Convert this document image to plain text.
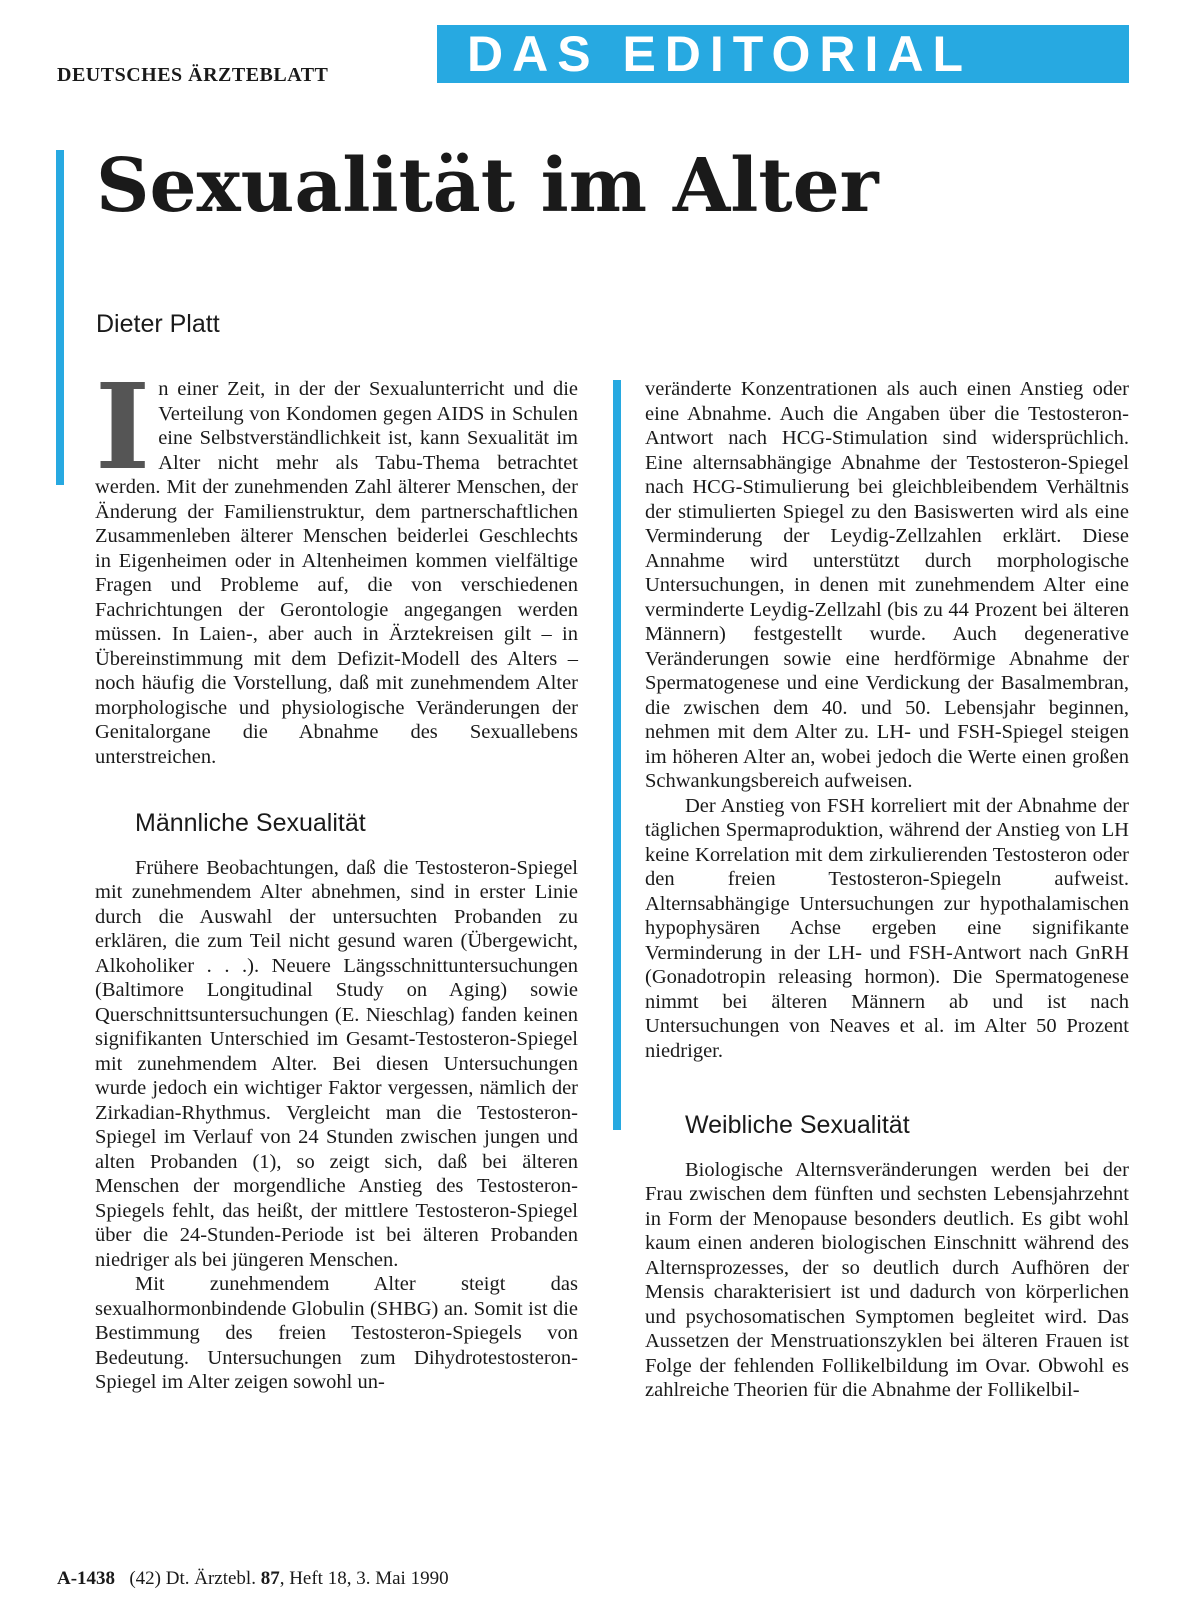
DEUTSCHES ÄRZTEBLATT	DAS EDITORIAL
Sexualität im Alter
Dieter Platt

In einer Zeit, in der der Sexualunterricht und die Verteilung von Kondomen gegen AIDS in Schulen eine Selbstverständlichkeit ist, kann Sexualität im Alter nicht mehr als Tabu-Thema betrachtet werden. Mit der zunehmenden Zahl älterer Menschen, der Änderung der Familienstruktur, dem partnerschaftlichen Zusammenleben älterer Menschen beiderlei Geschlechts in Eigenheimen oder in Altenheimen kommen vielfältige Fragen und Probleme auf, die von verschiedenen Fachrichtungen der Gerontologie angegangen werden müssen. In Laien-, aber auch in Ärztekreisen gilt – in Übereinstimmung mit dem Defizit-Modell des Alters – noch häufig die Vorstellung, daß mit zunehmendem Alter morphologische und physiologische Veränderungen der Genitalorgane die Abnahme des Sexuallebens unterstreichen.

Männliche Sexualität

Frühere Beobachtungen, daß die Testosteron-Spiegel mit zunehmendem Alter abnehmen, sind in erster Linie durch die Auswahl der untersuchten Probanden zu erklären, die zum Teil nicht gesund waren (Übergewicht, Alkoholiker . . .). Neuere Längsschnittuntersuchungen (Baltimore Longitudinal Study on Aging) sowie Querschnittsuntersuchungen (E. Nieschlag) fanden keinen signifikanten Unterschied im Gesamt-Testosteron-Spiegel mit zunehmendem Alter. Bei diesen Untersuchungen wurde jedoch ein wichtiger Faktor vergessen, nämlich der Zirkadian-Rhythmus. Vergleicht man die Testosteron-Spiegel im Verlauf von 24 Stunden zwischen jungen und alten Probanden (1), so zeigt sich, daß bei älteren Menschen der morgendliche Anstieg des Testosteron-Spiegels fehlt, das heißt, der mittlere Testosteron-Spiegel über die 24-Stunden-Periode ist bei älteren Probanden niedriger als bei jüngeren Menschen.

Mit zunehmendem Alter steigt das sexualhormonbindende Globulin (SHBG) an. Somit ist die Bestimmung des freien Testosteron-Spiegels von Bedeutung. Untersuchungen zum Dihydrotestosteron-Spiegel im Alter zeigen sowohl un-

veränderte Konzentrationen als auch einen Anstieg oder eine Abnahme. Auch die Angaben über die Testosteron-Antwort nach HCG-Stimulation sind widersprüchlich. Eine alternsabhängige Abnahme der Testosteron-Spiegel nach HCG-Stimulierung bei gleichbleibendem Verhältnis der stimulierten Spiegel zu den Basiswerten wird als eine Verminderung der Leydig-Zellzahlen erklärt. Diese Annahme wird unterstützt durch morphologische Untersuchungen, in denen mit zunehmendem Alter eine verminderte Leydig-Zellzahl (bis zu 44 Prozent bei älteren Männern) festgestellt wurde. Auch degenerative Veränderungen sowie eine herdförmige Abnahme der Spermatogenese und eine Verdickung der Basalmembran, die zwischen dem 40. und 50. Lebensjahr beginnen, nehmen mit dem Alter zu. LH- und FSH-Spiegel steigen im höheren Alter an, wobei jedoch die Werte einen großen Schwankungsbereich aufweisen.

Der Anstieg von FSH korreliert mit der Abnahme der täglichen Spermaproduktion, während der Anstieg von LH keine Korrelation mit dem zirkulierenden Testosteron oder den freien Testosteron-Spiegeln aufweist. Alternsabhängige Untersuchungen zur hypothalamischen hypophysären Achse ergeben eine signifikante Verminderung in der LH- und FSH-Antwort nach GnRH (Gonadotropin releasing hormon). Die Spermatogenese nimmt bei älteren Männern ab und ist nach Untersuchungen von Neaves et al. im Alter 50 Prozent niedriger.

Weibliche Sexualität

Biologische Alternsveränderungen werden bei der Frau zwischen dem fünften und sechsten Lebensjahrzehnt in Form der Menopause besonders deutlich. Es gibt wohl kaum einen anderen biologischen Einschnitt während des Alternsprozesses, der so deutlich durch Aufhören der Mensis charakterisiert ist und dadurch von körperlichen und psychosomatischen Symptomen begleitet wird. Das Aussetzen der Menstruationszyklen bei älteren Frauen ist Folge der fehlenden Follikelbildung im Ovar. Obwohl es zahlreiche Theorien für die Abnahme der Follikelbil-

A-1438   (42) Dt. Ärztebl. 87, Heft 18, 3. Mai 1990
